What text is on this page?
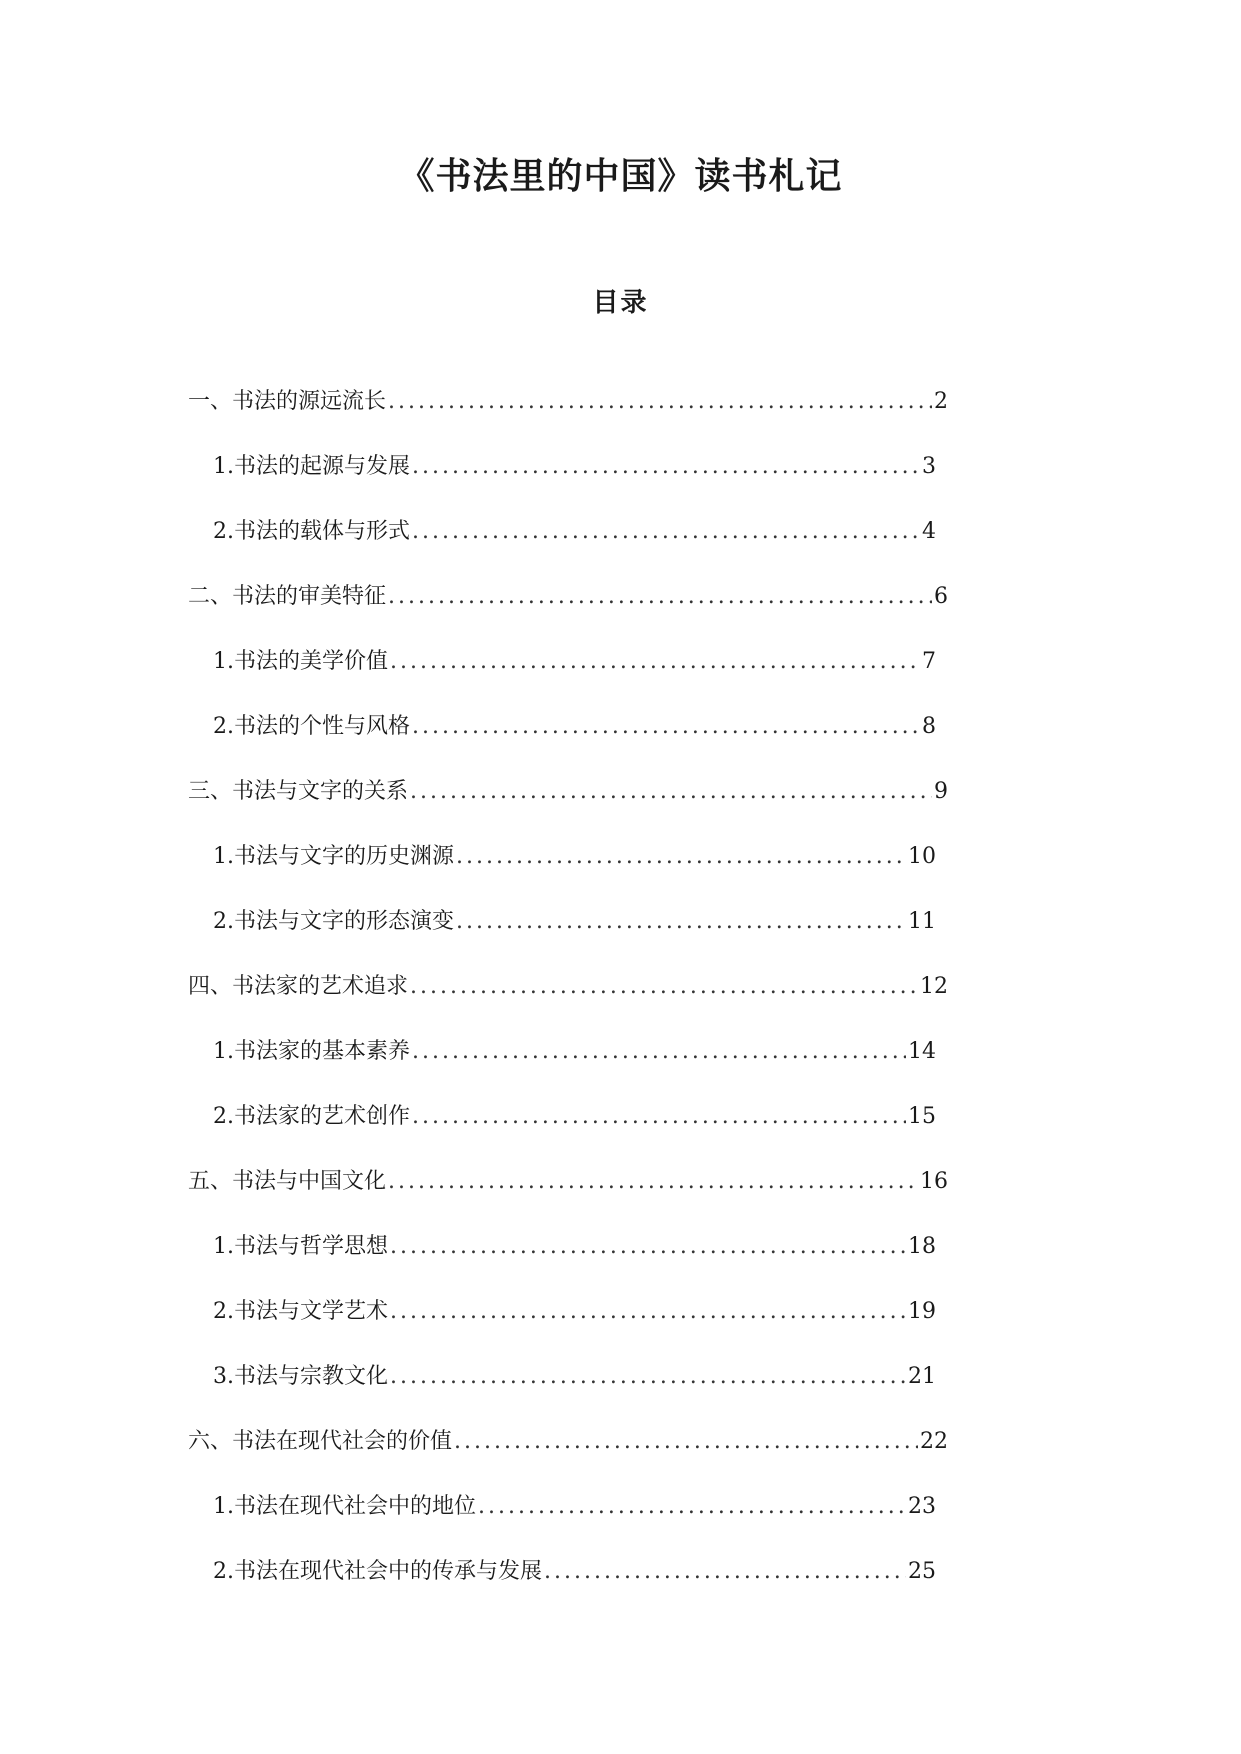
《书法里的中国》读书札记
目录
一、书法的源远流长 .....	2
1. 书法的起源与发展 .....	3
2. 书法的载体与形式 .....	4
二、书法的审美特征 .....	6
1. 书法的美学价值 .....	7
2. 书法的个性与风格 .....	8
三、书法与文字的关系 .....	9
1. 书法与文字的历史渊源 .....	10
2. 书法与文字的形态演变 .....	11
四、书法家的艺术追求 .....	12
1. 书法家的基本素养 .....	14
2. 书法家的艺术创作 .....	15
五、书法与中国文化 .....	16
1. 书法与哲学思想 .....	18
2. 书法与文学艺术 .....	19
3. 书法与宗教文化 .....	21
六、书法在现代社会的价值 .....	22
1. 书法在现代社会中的地位 .....	23
2. 书法在现代社会中的传承与发展 .....	25
